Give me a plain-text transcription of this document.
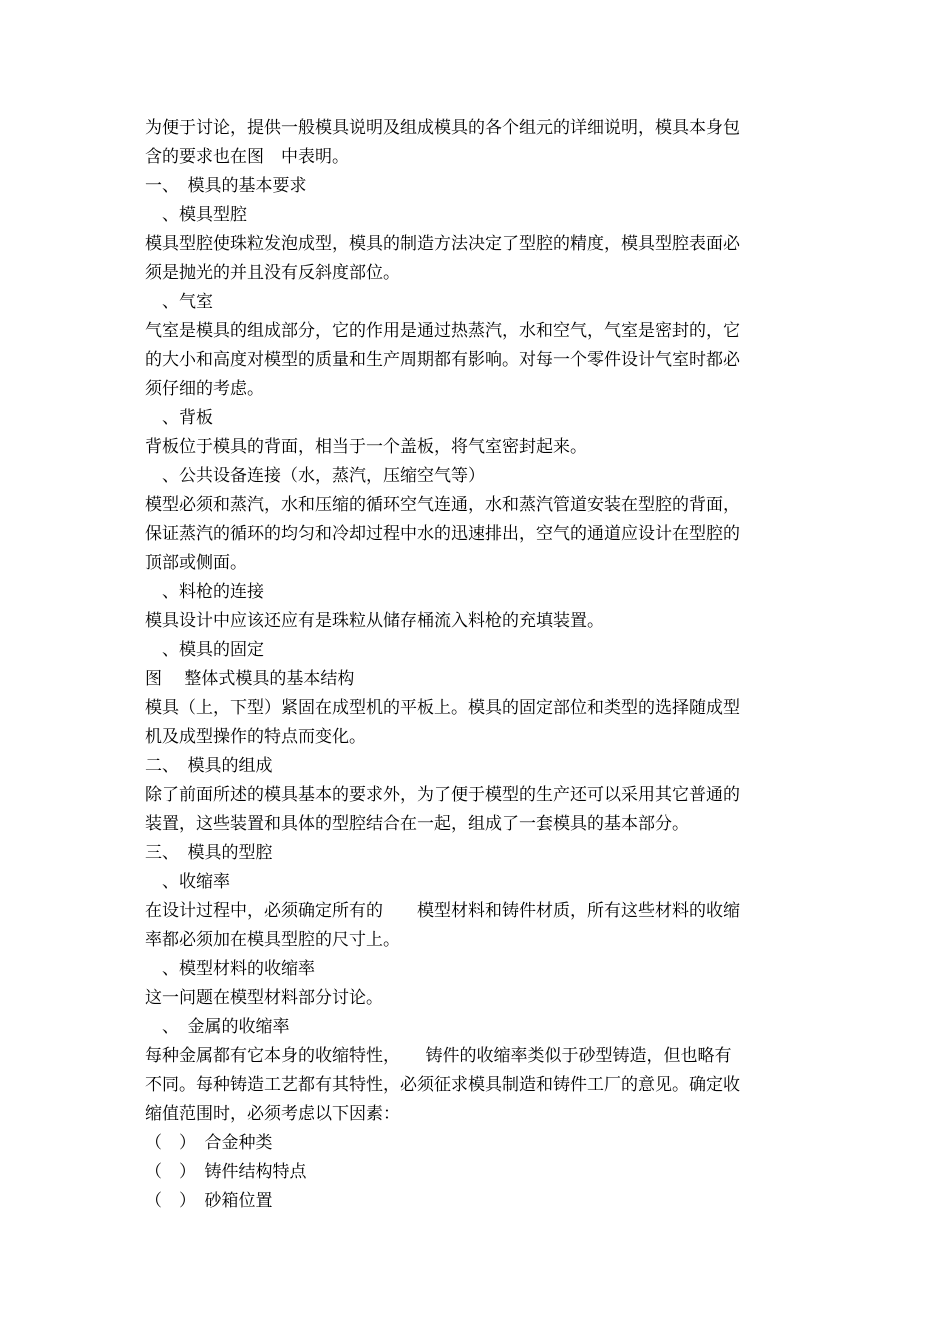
为便于讨论，提供一般模具说明及组成模具的各个组元的详细说明，模具本身包
含的要求也在图　中表明。
一、　模具的基本要求
　、模具型腔
模具型腔使珠粒发泡成型，模具的制造方法决定了型腔的精度，模具型腔表面必
须是抛光的并且没有反斜度部位。
　、气室
气室是模具的组成部分，它的作用是通过热蒸汽，水和空气，气室是密封的，它
的大小和高度对模型的质量和生产周期都有影响。对每一个零件设计气室时都必
须仔细的考虑。
　、背板
背板位于模具的背面，相当于一个盖板，将气室密封起来。
　、公共设备连接（水，蒸汽，压缩空气等）
模型必须和蒸汽，水和压缩的循环空气连通，水和蒸汽管道安装在型腔的背面，
保证蒸汽的循环的均匀和冷却过程中水的迅速排出，空气的通道应设计在型腔的
顶部或侧面。
　、料枪的连接
模具设计中应该还应有是珠粒从储存桶流入料枪的充填装置。
　、模具的固定
图　 整体式模具的基本结构
模具（上，下型）紧固在成型机的平板上。模具的固定部位和类型的选择随成型
机及成型操作的特点而变化。
二、　模具的组成
除了前面所述的模具基本的要求外，为了便于模型的生产还可以采用其它普通的
装置，这些装置和具体的型腔结合在一起，组成了一套模具的基本部分。
三、　模具的型腔
　、收缩率
在设计过程中，必须确定所有的　　模型材料和铸件材质，所有这些材料的收缩
率都必须加在模具型腔的尺寸上。
　、模型材料的收缩率
这一问题在模型材料部分讨论。
　、　金属的收缩率
每种金属都有它本身的收缩特性，　　铸件的收缩率类似于砂型铸造，但也略有
不同。每种铸造工艺都有其特性，必须征求模具制造和铸件工厂的意见。确定收
缩值范围时，必须考虑以下因素：
（　）　合金种类
（　）　铸件结构特点
（　）　砂箱位置
